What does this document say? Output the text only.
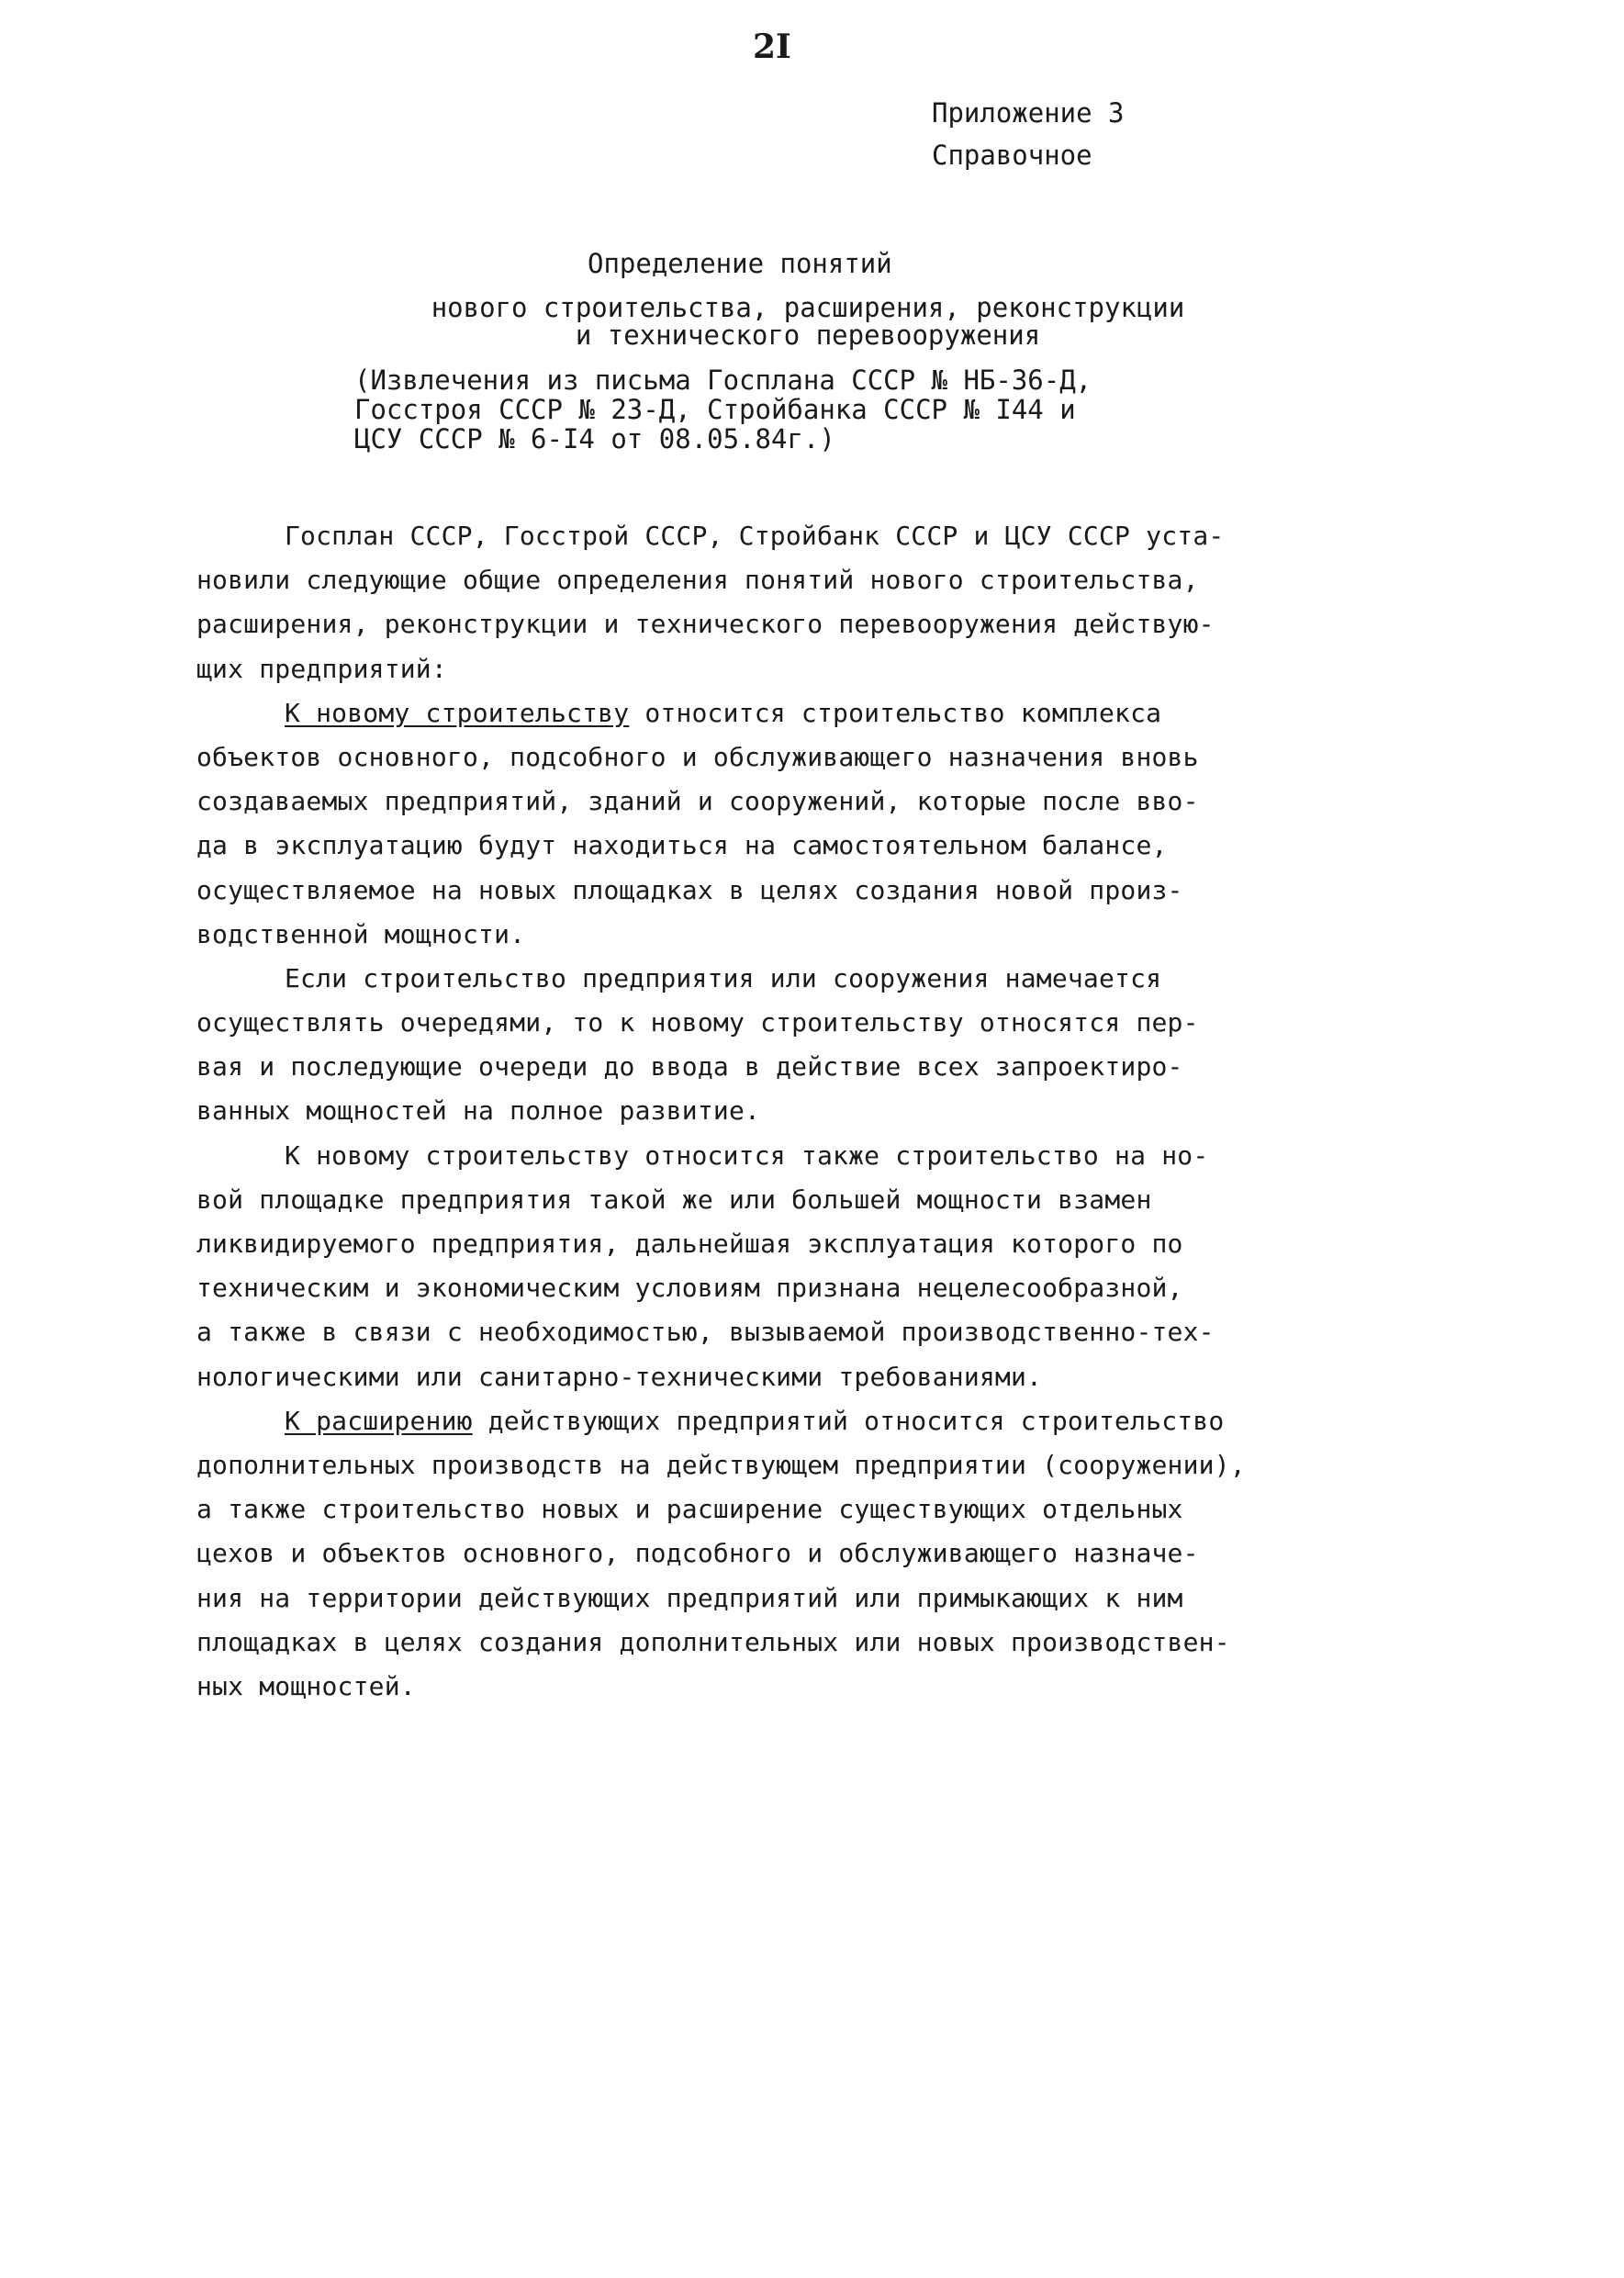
2I
Приложение 3
Справочное
Определение понятий
нового строительства, расширения, реконструкции
и технического перевооружения
(Извлечения из письма Госплана СССР № НБ-36-Д,
Госстроя СССР № 23-Д, Стройбанка СССР № I44 и
ЦСУ СССР № 6-I4 от 08.05.84г.)
Госплан СССР, Госстрой СССР, Стройбанк СССР и ЦСУ СССР уста-
новили следующие общие определения понятий нового строительства,
расширения, реконструкции и технического перевооружения действую-
щих предприятий:
К новому строительству относится строительство комплекса
объектов основного, подсобного и обслуживающего назначения вновь
создаваемых предприятий, зданий и сооружений, которые после вво-
да в эксплуатацию будут находиться на самостоятельном балансе,
осуществляемое на новых площадках в целях создания новой произ-
водственной мощности.
Если строительство предприятия или сооружения намечается
осуществлять очередями, то к новому строительству относятся пер-
вая и последующие очереди до ввода в действие всех запроектиро-
ванных мощностей на полное развитие.
К новому строительству относится также строительство на но-
вой площадке предприятия такой же или большей мощности взамен
ликвидируемого предприятия, дальнейшая эксплуатация которого по
техническим и экономическим условиям признана нецелесообразной,
а также в связи с необходимостью, вызываемой производственно-тех-
нологическими или санитарно-техническими требованиями.
К расширению действующих предприятий относится строительство
дополнительных производств на действующем предприятии (сооружении),
а также строительство новых и расширение существующих отдельных
цехов и объектов основного, подсобного и обслуживающего назначе-
ния на территории действующих предприятий или примыкающих к ним
площадках в целях создания дополнительных или новых производствен-
ных мощностей.
